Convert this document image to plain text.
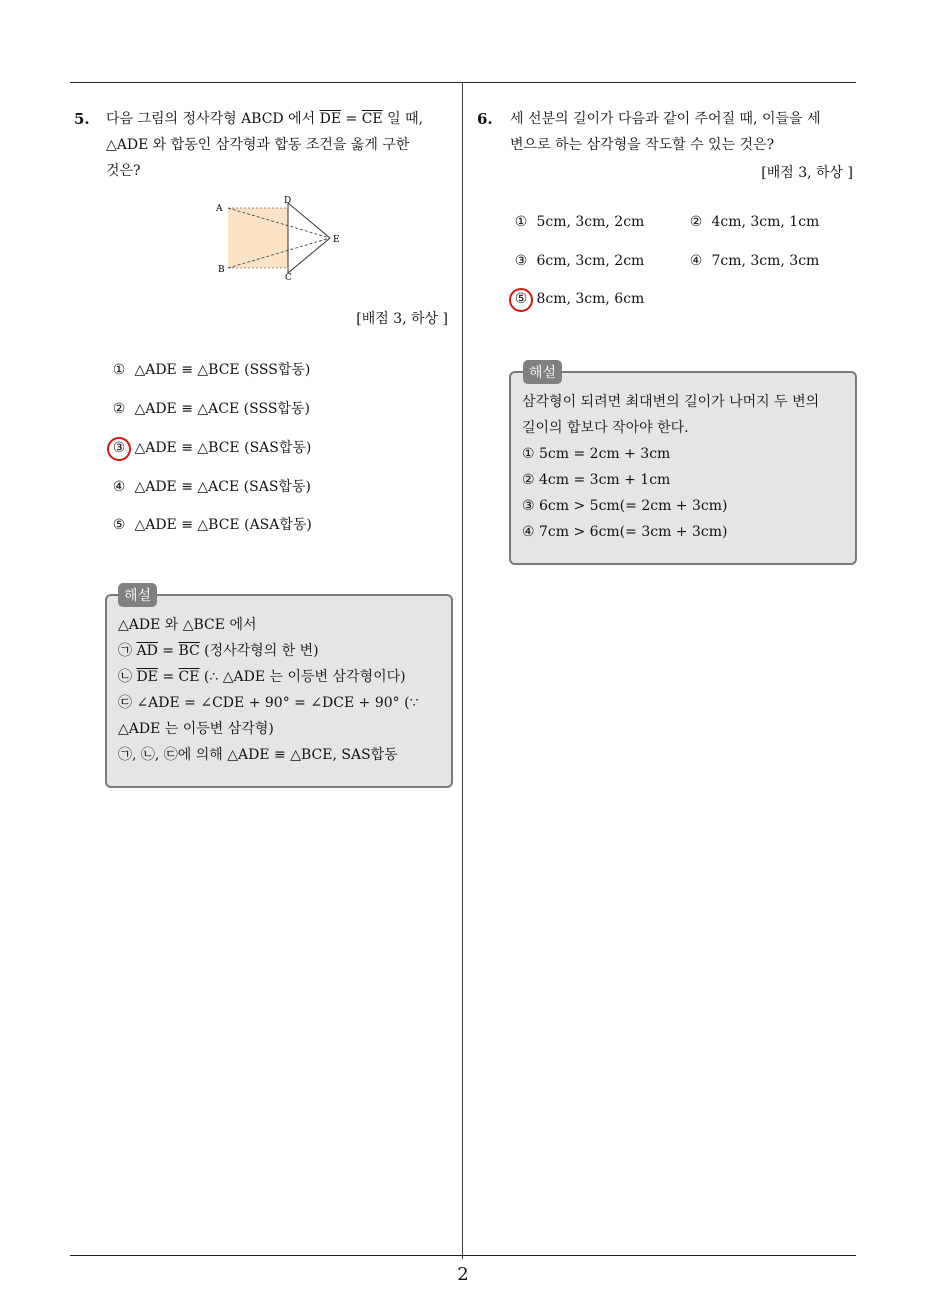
2
5. 다음 그림의 정사각형 ABCD 에서 $\overline{DE} = \overline{CE}$ 일 때,
△ADE 와 합동인 삼각형과 합동 조건을 옳게 구한
것은?
A
B
C
D
E
[배점 3, 하상 ]
① △ADE ≡ △BCE (SSS합동)
② △ADE ≡ △ACE (SSS합동)
③ △ADE ≡ △BCE (SAS합동)
④ △ADE ≡ △ACE (SAS합동)
⑤ △ADE ≡ △BCE (ASA합동)
해설
△ADE 와 △BCE 에서
㉠ $\overline{AD} = \overline{BC}$ (정사각형의 한 변)
㉡ $\overline{DE} = \overline{CE}$ (∴ △ADE 는 이등변 삼각형이다)
㉢ ∠ADE = ∠CDE + 90° = ∠DCE + 90° (∵
△ADE 는 이등변 삼각형)
㉠, ㉡, ㉢에 의해 △ADE ≡ △BCE, SAS합동
6. 세 선분의 길이가 다음과 같이 주어질 때, 이들을 세
변으로 하는 삼각형을 작도할 수 있는 것은?
[배점 3, 하상 ]
① 5cm, 3cm, 2cm	② 4cm, 3cm, 1cm
③ 6cm, 3cm, 2cm	④ 7cm, 3cm, 3cm
⑤ 8cm, 3cm, 6cm
해설
삼각형이 되려면 최대변의 길이가 나머지 두 변의
길이의 합보다 작아야 한다.
① 5cm = 2cm + 3cm
② 4cm = 3cm + 1cm
③ 6cm > 5cm(= 2cm + 3cm)
④ 7cm > 6cm(= 3cm + 3cm)
